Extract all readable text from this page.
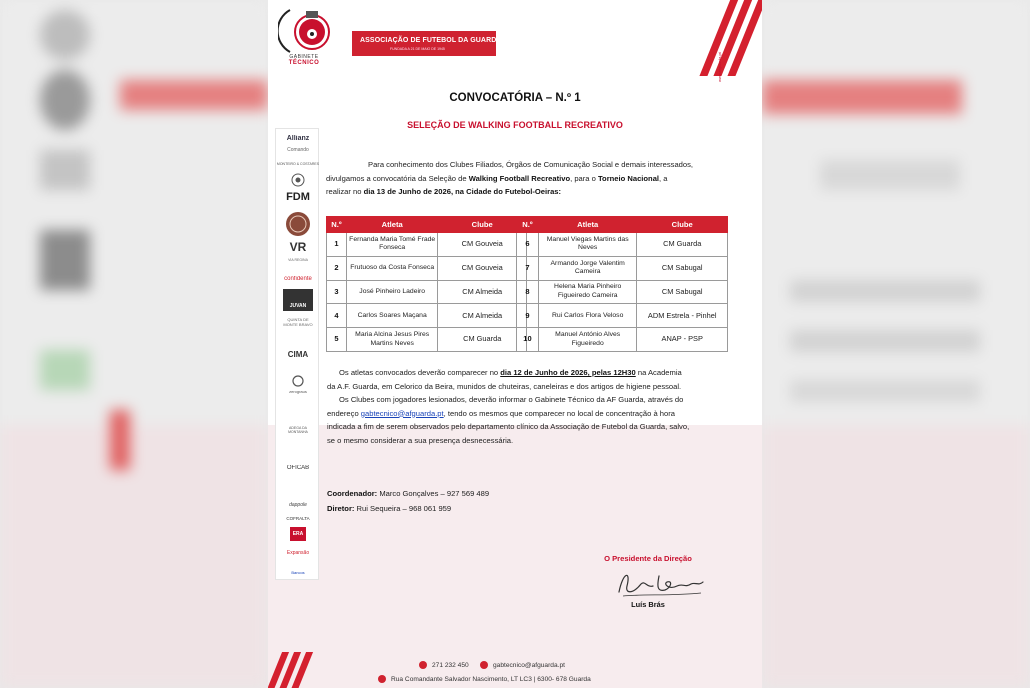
www.afguarda.pt
GABINETE
TÉCNICO
ASSOCIAÇÃO DE FUTEBOL DA GUARDA
FUNDADA A 21 DE MAIO DE 1945
Allianz
Comando
MONTEIRO & COSTARES
FDM
VR
VIA REGINA
confidente
JUVAN
QUINTA DE MONTE BRAVO
CIMA
zerograus
ADEGA DA MONTANHA
OFICAB
dappole
COFRALTA
ERA
Expansão
Bancos
CONVOCATÓRIA – N.º 1
SELEÇÃO DE WALKING FOOTBALL RECREATIVO
Para conhecimento dos Clubes Filiados, Órgãos de Comunicação Social e demais interessados,
divulgamos a convocatória da Seleção de Walking Football Recreativo, para o Torneio Nacional, a
realizar no dia 13 de Junho de 2026, na Cidade do Futebol-Oeiras:
N.º	Atleta	Clube
1	Fernanda Maria Tomé Frade Fonseca	CM Gouveia
2	Frutuoso da Costa Fonseca	CM Gouveia
3	José Pinheiro Ladeiro	CM Almeida
4	Carlos Soares Maçana	CM Almeida
5	Maria Alcina Jesus Pires Martins Neves	CM Guarda
N.º	Atleta	Clube
6	Manuel Viegas Martins das Neves	CM Guarda
7	Armando Jorge Valentim Cameira	CM Sabugal
8	Helena Maria Pinheiro Figueiredo Cameira	CM Sabugal
9	Rui Carlos Flora Veloso	ADM Estrela - Pinhel
10	Manuel António Alves Figueiredo	ANAP - PSP
Os atletas convocados deverão comparecer no dia 12 de Junho de 2026, pelas 12H30 na Academia
da A.F. Guarda, em Celorico da Beira, munidos de chuteiras, caneleiras e dos artigos de higiene pessoal.
Os Clubes com jogadores lesionados, deverão informar o Gabinete Técnico da AF Guarda, através do
endereço gabtecnico@afguarda.pt, tendo os mesmos que comparecer no local de concentração à hora
indicada a fim de serem observados pelo departamento clínico da Associação de Futebol da Guarda, salvo,
se o mesmo considerar a sua presença desnecessária.
Coordenador: Marco Gonçalves – 927 569 489
Diretor: Rui Sequeira – 968 061 959
O Presidente da Direção
Luís Brás
271 232 450	gabtecnico@afguarda.pt
Rua Comandante Salvador Nascimento, LT LC3 | 6300- 678 Guarda
